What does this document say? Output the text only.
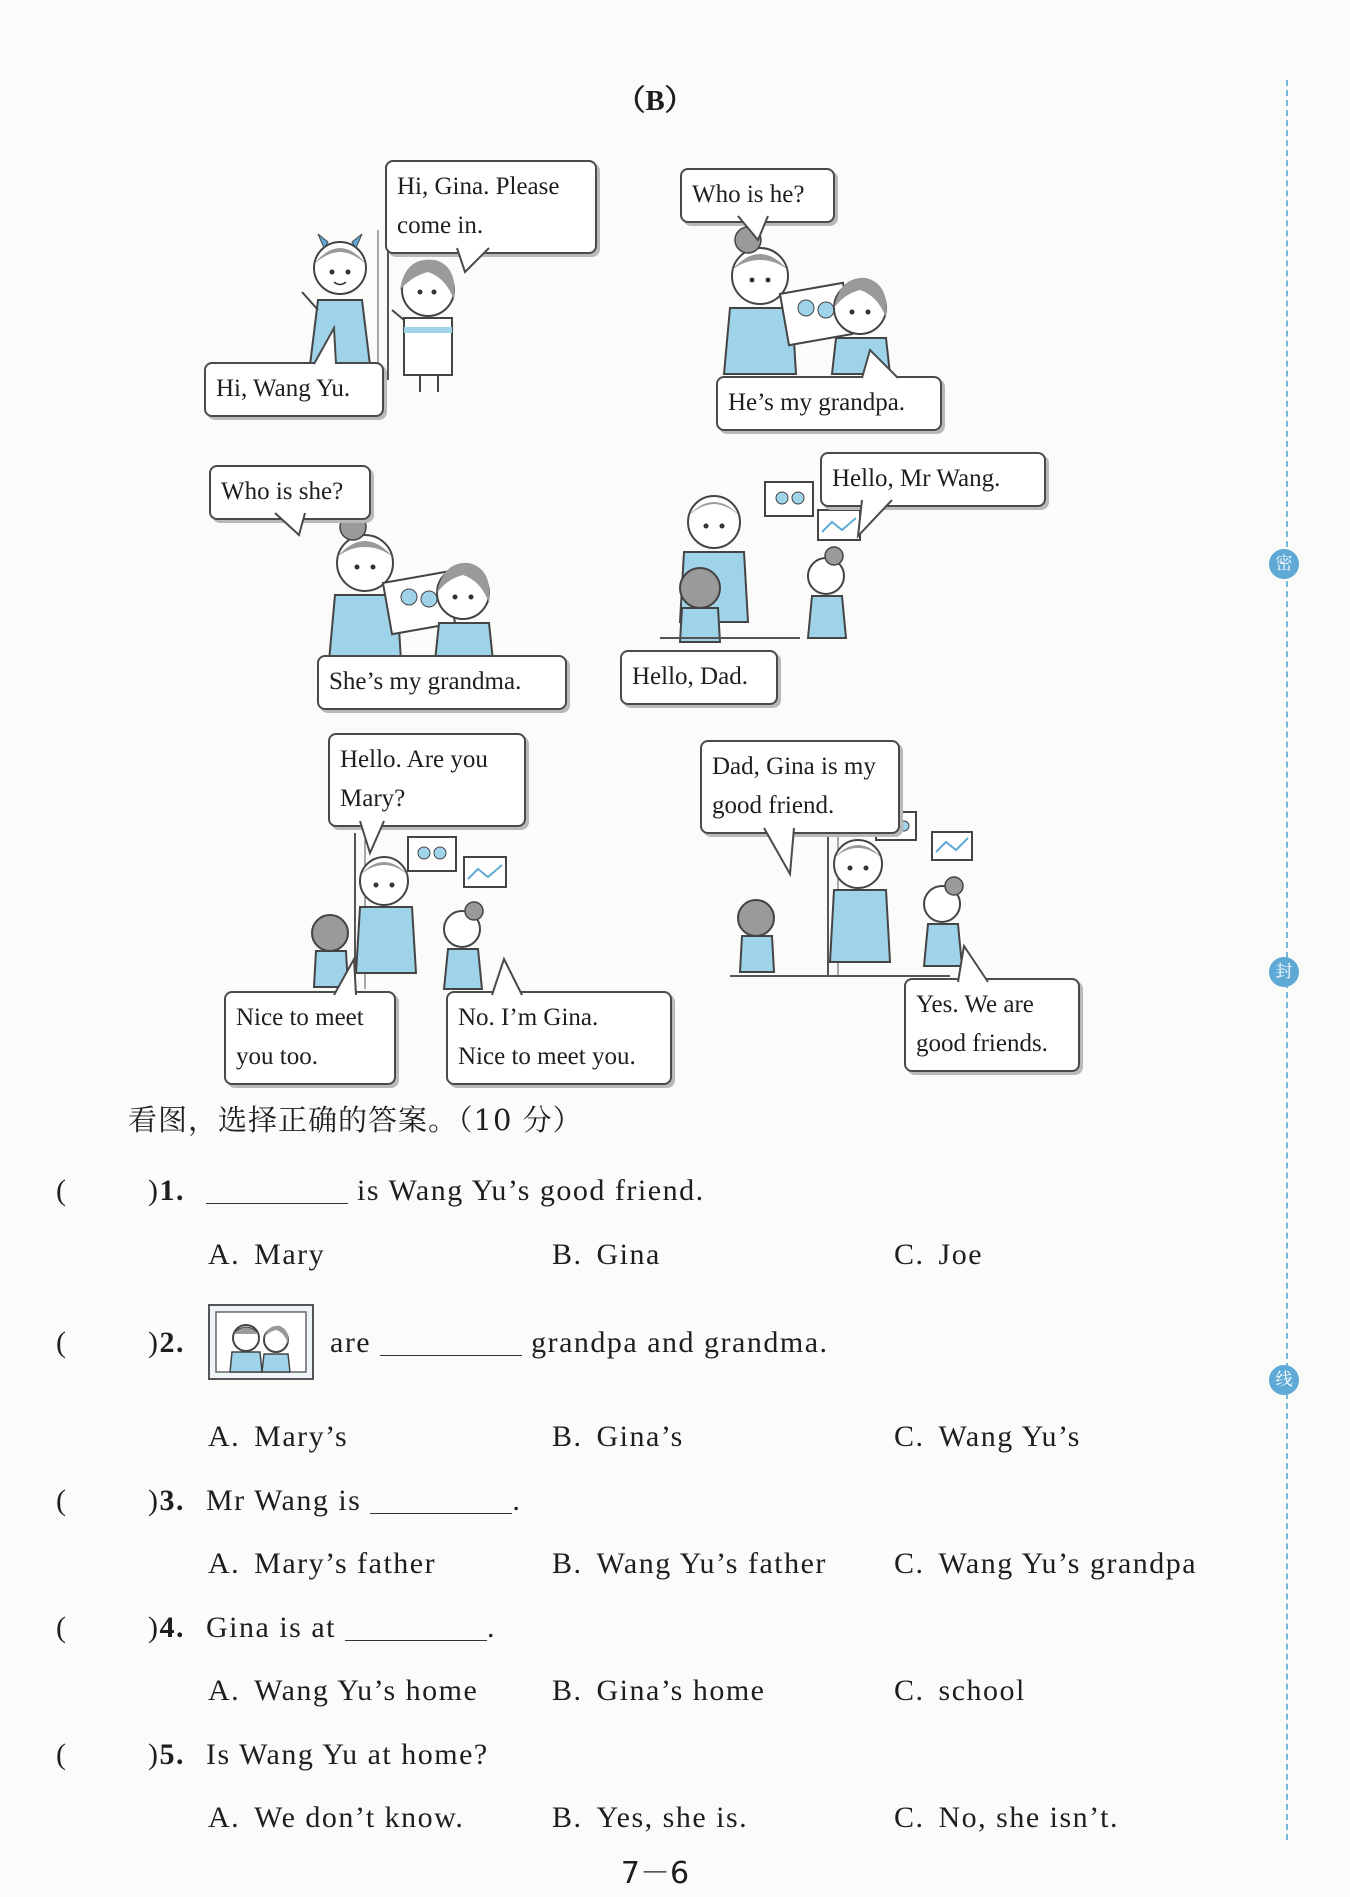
（B）
Hi, Gina. Please
come in.
Hi, Wang Yu.
Who is he?
He’s my grandpa.
Who is she?
She’s my grandma.
Hello, Mr Wang.
Hello, Dad.
Hello. Are you
Mary?
Nice to meet
you too.
No. I’m Gina.
Nice to meet you.
Dad, Gina is my
good friend.
Yes. We are
good friends.
看图，选择正确的答案。（10 分）
(	)1.	is Wang Yu’s good friend.
A. Mary	B. Gina	C. Joe
(	)2.	are	grandpa and grandma.
A. Mary’s	B. Gina’s	C. Wang Yu’s
(	)3. Mr Wang is	.
A. Mary’s father	B. Wang Yu’s father C. Wang Yu’s grandpa
(	)4. Gina is at	.
A. Wang Yu’s home B. Gina’s home	C. school
(	)5. Is Wang Yu at home?
A. We don’t know.	B. Yes, she is.	C. No, she isn’t.
7－6
密
封
线
